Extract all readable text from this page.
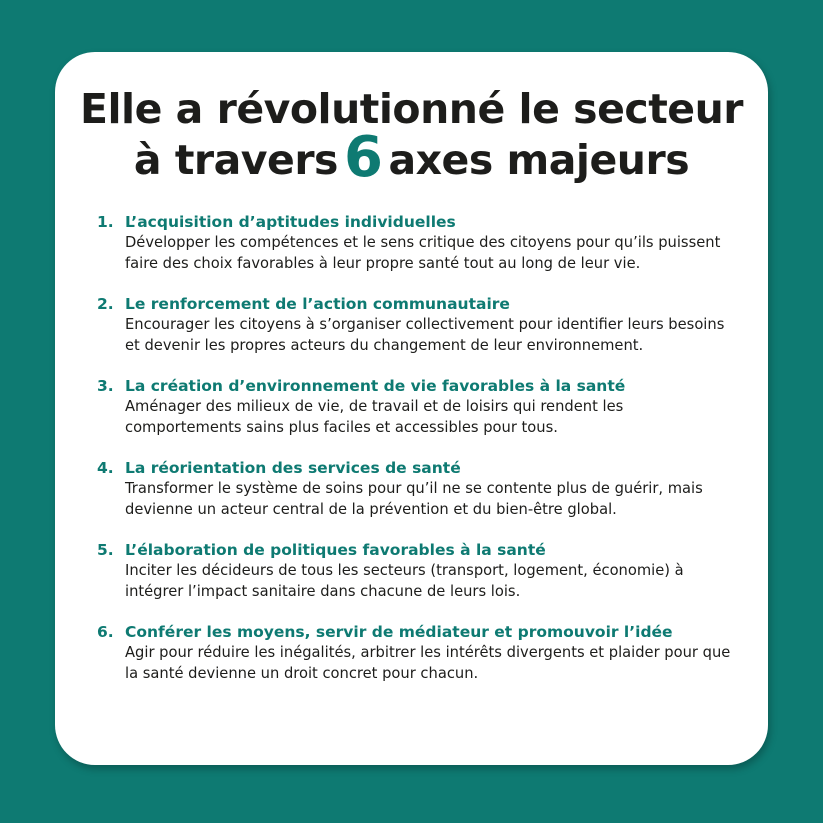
Elle a révolutionné le secteur
à travers 6 axes majeurs
1. L’acquisition d’aptitudes individuelles
Développer les compétences et le sens critique des citoyens pour qu’ils puissent faire des choix favorables à leur propre santé tout au long de leur vie.
2. Le renforcement de l’action communautaire
Encourager les citoyens à s’organiser collectivement pour identifier leurs besoins et devenir les propres acteurs du changement de leur environnement.
3. La création d’environnement de vie favorables à la santé
Aménager des milieux de vie, de travail et de loisirs qui rendent les comportements sains plus faciles et accessibles pour tous.
4. La réorientation des services de santé
Transformer le système de soins pour qu’il ne se contente plus de guérir, mais devienne un acteur central de la prévention et du bien-être global.
5. L’élaboration de politiques favorables à la santé
Inciter les décideurs de tous les secteurs (transport, logement, économie) à intégrer l’impact sanitaire dans chacune de leurs lois.
6. Conférer les moyens, servir de médiateur et promouvoir l’idée
Agir pour réduire les inégalités, arbitrer les intérêts divergents et plaider pour que la santé devienne un droit concret pour chacun.
